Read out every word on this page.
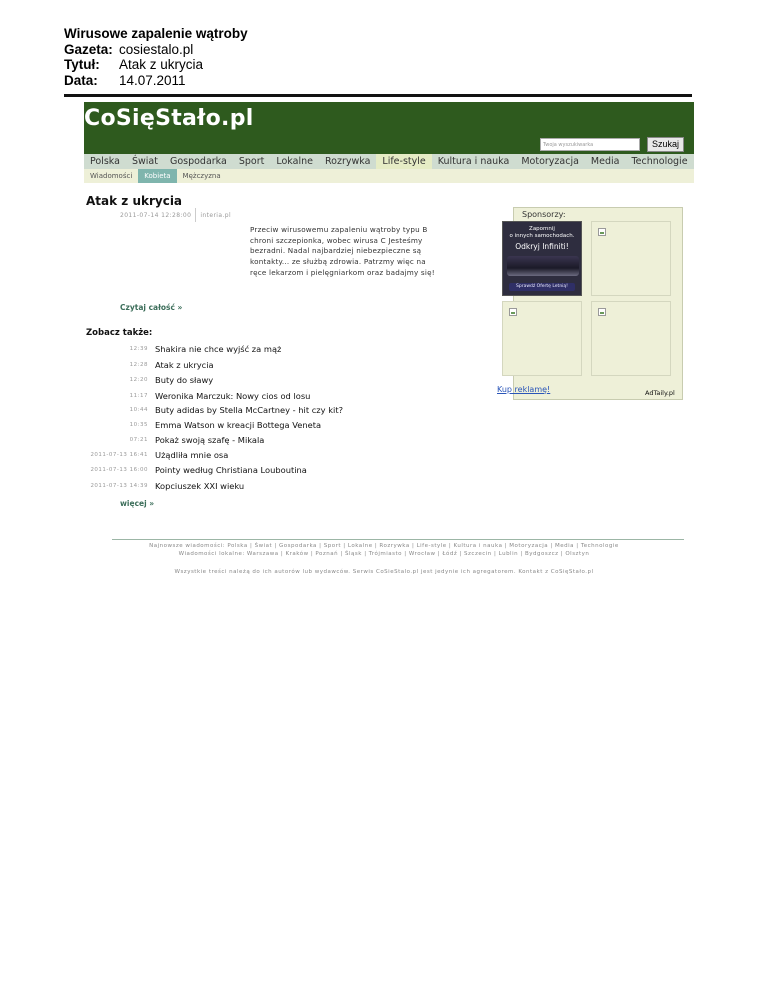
Wirusowe zapalenie wątroby
Gazeta: cosiestalo.pl
Tytuł:	Atak z ukrycia
Data:	14.07.2011
CoSięStało.pl
Twoja wyszukiwarka	Szukaj
Polska	Świat	Gospodarka	Sport	Lokalne	Rozrywka	Life-style	Kultura i nauka	Motoryzacja	Media	Technologie
Wiadomości	Kobieta	Mężczyzna
Atak z ukrycia
2011-07-14 12:28:00 interia.pl
Przeciw wirusowemu zapaleniu wątroby typu B chroni szczepionka, wobec wirusa C Jesteśmy bezradni. Nadal najbardziej niebezpieczne są kontakty... ze służbą zdrowia. Patrzmy więc na ręce lekarzom i pielęgniarkom oraz badajmy się!
Czytaj całość »
Zobacz także:
12:39 Shakira nie chce wyjść za mąż
12:28 Atak z ukrycia
12:20 Buty do sławy
11:17 Weronika Marczuk: Nowy cios od losu
10:44 Buty adidas by Stella McCartney - hit czy kit?
10:35 Emma Watson w kreacji Bottega Veneta
07:21 Pokaż swoją szafę - Mikala
2011-07-13 16:41 Użądliła mnie osa
2011-07-13 16:00 Pointy według Christiana Louboutina
2011-07-13 14:39 Kopciuszek XXI wieku
więcej »
Sponsorzy:
Zapomnij
o innych samochodach.
Odkryj Infiniti!
Sprawdź Ofertę Letnią!
Kup reklamę!	AdTaily.pl
Najnowsze wiadomości: Polska | Świat | Gospodarka | Sport | Lokalne | Rozrywka | Life-style | Kultura i nauka | Motoryzacja | Media | Technologie
Wiadomości lokalne: Warszawa | Kraków | Poznań | Śląsk | Trójmiasto | Wrocław | Łódź | Szczecin | Lublin | Bydgoszcz | Olsztyn
Wszystkie treści należą do ich autorów lub wydawców. Serwis CoSieStalo.pl jest jedynie ich agregatorem. Kontakt z CoSięStało.pl
